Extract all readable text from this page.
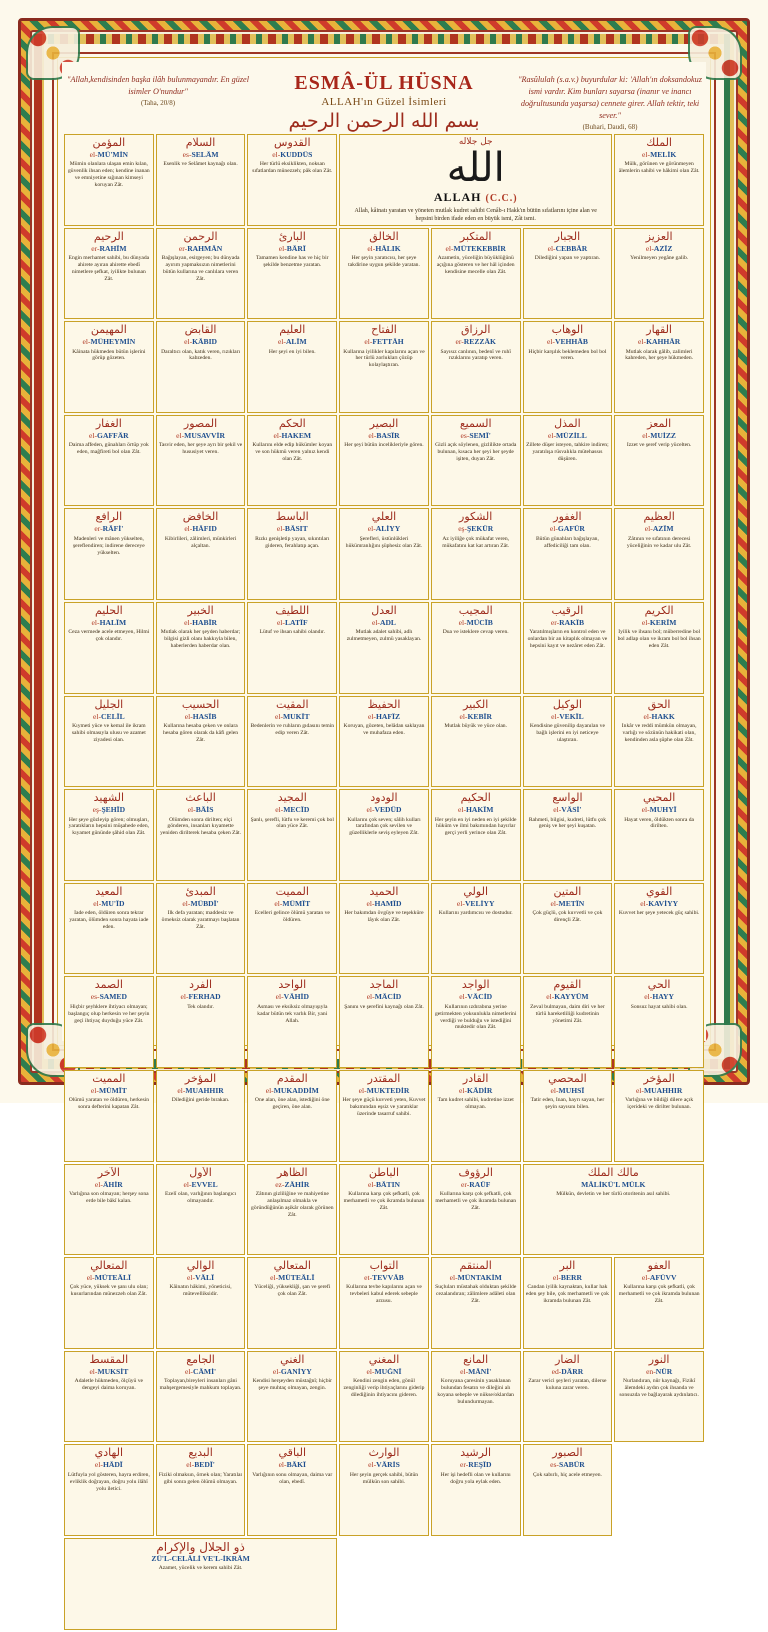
"Allah,kendisinden başka ilâh bulunmayandır. En güzel isimler O'nundur"
(Taha, 20/8)
ESMÂ-ÜL HÜSNA
ALLAH'ın Güzel İsimleri
بسم الله الرحمن الرحيم
"Rasûlulah (s.a.v.) buyurdular ki: 'Allah'ın doksandokuz ismi vardır. Kim bunları sayarsa (inanır ve inancı doğrultusunda yaşarsa) cennete girer. Allah tektir, teki sever."
(Buhari, Daudi, 68)
المؤمن
el-MÜ'MİN
Mümin olanlara ulaşan emin kılan, güvenlik ihsan eden; kendine inanan ve emniyetine sığınan kimseyi koruyan Zât.
السلام
es-SELÂM
Esenlik ve Selâmet kaynağı olan.
القدوس
el-KUDDÛS
Her türlü eksiklikten, noksan sıfatlardan münezzeh; pâk olan Zât.
جل جلاله
الله
ALLAH (C.C.)
Allah, kâinatı yaratan ve yöneten mutlak kudret sahibi Cenâb-ı Hakk'ın bütün sıfatlarını içine alan ve hepsini birden ifade eden en büyük ismi, Zât ismi.
الملك
el-MELİK
Mülk, görünen ve görünmeyen âlemlerin sahibi ve hâkimi olan Zât.
الرحيم
er-RAHÎM
Engin merhamet sahibi, bu dünyada ahirete ayıran ahirette ebedî nimetlere şefkat, iyilikte bulunan Zât.
الرحمن
er-RAHMÂN
Bağışlayan, esirgeyen; bu dünyada ayırım yapmaksızın nimetlerini bütün kullarına ve canlılara veren Zât.
البارئ
el-BÂRÎ
Tamamen kendine has ve hiç bir şekilde benzetme yaratan.
الخالق
el-HÂLIK
Her şeyin yaratıcısı, her şeye takdirine uygun şekilde yaratan.
المتكبر
el-MÜTEKEBBİR
Azametin, yüceliğin büyüklüğünü açığına gösteren ve her hâl içinden kendisine mecelle olan Zât.
الجبار
el-CEBBÂR
Dilediğini yapan ve yaptıran.
العزيز
el-AZÎZ
Yenilmeyen yegâne galib.
المهيمن
el-MÜHEYMİN
Kâinata hükmeden bütün işlerini görüp gözeten.
القابض
el-KÂBID
Daraltıcı olan, katık veren, rızıkları kabzeden.
العليم
el-ALÎM
Her şeyi en iyi bilen.
الفتاح
el-FETTÂH
Kullarına iyilikler kapılarını açan ve her türlü zorlukları çözüp kolaylaştıran.
الرزاق
er-REZZÂK
Sayısız canlının, bedenî ve ruhî rızıklarını yaratıp veren.
الوهاب
el-VEHHÂB
Hiçbir karşılık beklemeden bol bol veren.
القهار
el-KAHHÂR
Mutlak olarak gâlib, zalimleri kahreden, her şeye hükmeden.
الغفار
el-GAFFÂR
Daima affeden, günahları örtüp yok eden, mağfireti bol olan Zât.
المصور
el-MUSAVVİR
Tasvir eden, her şeye ayrı bir şekil ve hususiyet veren.
الحكم
el-HAKEM
Kullarını elde edip hükümler koyan ve son hükmü veren yalnız kendi olan Zât.
البصير
el-BASÎR
Her şeyi bütün incelikleriyle gören.
السميع
es-SEMÎ'
Gizli açık söylenen, gizlilikte ortada bulunan, kısaca her şeyi her şeyde işiten, duyan Zât.
المذل
el-MÜZİLL
Zillete düşer isteyen, tahkire indiren; yaratılışa rüsvalıkla mütehassıs düşüren.
المعز
el-MUİZZ
İzzet ve şeref verip yücelten.
الرافع
er-RÂFİ'
Madenleri ve mânen yükselten, şereflendiren; indirene dereceye yükselten.
الخافض
el-HÂFID
Kibirlileri, zâlimleri, münkirleri alçaltan.
الباسط
el-BÂSIT
Rızkı genişletip yayan, sıkıntıları gideren, ferahlatıp açan.
العلي
el-ALİYY
Şerefleri, üstünlükleri hükümranlığını şüphesiz olan Zât.
الشكور
eş-ŞEKÛR
Az iyiliğe çok mükafat veren, mükafatını kat kat artıran Zât.
الغفور
el-GAFÛR
Bütün günahları bağışlayan, affediciliği tam olan.
العظيم
el-AZÎM
Zâtının ve sıfatının derecesi yüceliğinin ve kadar ulu Zât.
الحليم
el-HALÎM
Ceza vermede acele etmeyen, Hilmi çok olandır.
الخبير
el-HABÎR
Mutlak olarak her şeyden haberdar; bilgisi gizli olanı hakkıyla bilen, haberlerden haberdar olan.
اللطيف
el-LATÎF
Lütuf ve ihsan sahibi olandır.
العدل
el-ADL
Mutlak adalet sahibi, adlı zulmetmeyen, zulmü yasaklayan.
المجيب
el-MÜCÎB
Dua ve isteklere cevap veren.
الرقيب
er-RAKÎB
Yaratılmışların en kontrol eden ve onlardan bir an kitaplık olmayan ve hepsini kayıt ve nezâret eden Zât.
الكريم
el-KERÎM
İyilik ve ihsanı bol; müberredine bol bol adlap olan ve ikram bol bol ihsan eden Zât.
الجليل
el-CELÎL
Kıymeti yüce ve kemal ile ikram sahibi olmasıyla ulusu ve azamet ziyadesi olan.
الحسيب
el-HASÎB
Kullarına hesaba çeken ve onlara hesaba gören olarak da kâfi gelen Zât.
المقيت
el-MUKÎT
Bedenlerin ve ruhların gıdasını temin edip veren Zât.
الحفيظ
el-HAFÎZ
Koruyan, gözeten, belâdan saklayan ve muhafaza eden.
الكبير
el-KEBÎR
Mutlak büyük ve yüce olan.
الوكيل
el-VEKÎL
Kendisine güvenilip dayanılan ve bağlı işlerini en iyi neticeye ulaştıran.
الحق
el-HAKK
İnkâr ve reddi mümkün olmayan, varlığı ve sözünün hakikati olan, kendinden asla şüphe olan Zât.
الشهيد
eş-ŞEHÎD
Her şeye gözleyip gören; olmuşları, yaratıkların hepsini müşahede eden, kıyamet gününde şâhid olan Zât.
الباعث
el-BÂİS
Ölümden sonra dirilten; elçi gönderen, insanları kıyamette yeniden dirilterek hesaba çeken Zât.
المجيد
el-MECÎD
Şanlı, şerefli, lütfu ve keremi çok bol olan yüce Zât.
الودود
el-VEDÛD
Kullarını çok seven; sâlih kulları tarafından çok sevilen ve güzelliklerle seviş eyleyen Zât.
الحكيم
el-HAKÎM
Her şeyin en iyi neden en iyi şekilde hüküm ve ilmi bakımından hayırlar gerçi yerli yerince olan Zât.
الواسع
el-VÂSİ'
Rahmeti, bilgisi, kudreti, lütfu çok geniş ve her şeyi kuşatan.
المحيي
el-MUHYÎ
Hayat veren, öldükten sonra da dirilten.
المعيد
el-MU'ÎD
İade eden, öldüren sonra tekrar yaratan, ölümden sonra hayata iade eden.
المبدئ
el-MÜBDÎ'
İlk defa yaratan; maddesiz ve örneksiz olarak yaratmayı başlatan Zât.
المميت
el-MÜMÎT
Ecelleri gelince ölümü yaratan ve öldüren.
الحميد
el-HAMÎD
Her bakımdan övgüye ve teşekküre lâyık olan Zât.
الولي
el-VELİYY
Kullarını yardımcısı ve dostudur.
المتين
el-METÎN
Çok güçlü, çok kuvvetli ve çok dirençli Zât.
القوي
el-KAVİYY
Kuvvet her şeye yetecek güç sahibi.
الصمد
es-SAMED
Hiçbir şeyhklere ihtiyacı olmayan; başlangıç olup herkesin ve her şeyin geçi ihtiyaç duyduğu yüce Zât.
الفرد
el-FERHAD
Tek olandır.
الواحد
el-VÂHİD
Asması ve eksiksiz olmayışıyla kadar bütün tek varlık Bir, yani Allah.
الماجد
el-MÂCİD
Şanını ve şerefini kaynağı olan Zât.
الواجد
el-VÂCİD
Kullarının ızdırabına yerine getirmekten yoksunlukla nimetlerini verdiği ve bulduğu ve istediğini muktedir olan Zât.
القيوم
el-KAYYÛM
Zeval bulmayan, daim diri ve her türlü hareketliliği kudretinin yönetimi Zât.
الحي
el-HAYY
Sonsuz hayat sahibi olan.
المميت
el-MÜMÎT
Ölümü yaratan ve öldüren, herkesin sonra defterini kapatan Zât.
المؤخر
el-MUAHHIR
Dilediğini geride bırakan.
المقدم
el-MUKADDİM
Öne alan, öne alan, istediğini öne geçiren, öne alan.
المقتدر
el-MUKTEDİR
Her şeye güçü kuvveti yeten, Kuvvet bakımından eşsiz ve yaratıklar üzerinde tasarruf sahibi.
القادر
el-KÂDİR
Tam kudret sahibi, kudretine izzet olmayan.
المحصي
el-MUHSÎ
Tatir eden, İnan, hayrı sayan, her şeyin sayısını bilen.
المؤخر
el-MUAHHIR
Varlığına ve bildiği dilere açık içerideki ve dirilter bulunan.
الآخر
el-ÂHİR
Varlığına son olmayan; herşey sona erde bile bâkî kalan.
الأول
el-EVVEL
Ezelî olan, varlığının başlangıcı olmayandır.
الظاهر
ez-ZÂHİR
Zâtının gizliliğine ve mahiyetine anlaşılmaz olmakla ve göründüğünün aşikâr olarak görünen Zât.
الباطن
el-BÂTIN
Kullarına karşı çok şefkatli, çok merhametli ve çok ikramda bulunan Zât.
الرؤوف
er-RAÛF
Kullarına karşı çok şefkatli, çok merhametli ve çok ikramda bulunan Zât.
مالك الملك
MÂLİKÜ'L MÜLK
Mülkün, devletin ve her türlü otoritenin asıl sahibi.
المتعالي
el-MÜTEÂLÎ
Çok yüce, yüksek ve şanı ulu olan; kusurlarından münezzeh olan Zât.
الوالي
el-VÂLÎ
Kâinatın hâkimi, yöneticisi, mütevelliksidir.
المتعالي
el-MÜTEÂLÎ
Yüceliği, yüksekliği, şan ve şerefi çok olan Zât.
التواب
et-TEVVÂB
Kullarına tevbe kapılarını açan ve tevbeleri kabul ederek sebeple arzusu.
المنتقم
el-MÜNTAKİM
Suçluları müstahak olduktan şekilde cezalandıran; zâlimlere adâleti olan Zât.
البر
el-BERR
Candan iyilik kaynaktan, kullar hak eden şey bile, çok merhametli ve çok ikramda bulunan Zât.
العفو
el-AFÜVV
Kullarına karşı çok şefkatli, çok merhametli ve çok ikramda bulunan Zât.
المقسط
el-MUKSİT
Adaletle hükmeden, ölçüyü ve dengeyi daima koruyan.
الجامع
el-CÂMİ'
Toplayan,bireyleri insanları gâni mahşergemesiyle mahkum toplayan.
الغني
el-GANİYY
Kendisi herşeyden müstağnî; hiçbir şeye muhtaç olmayan, zengin.
المغني
el-MUĞNÎ
Kendini zengin eden, gönül zenginliği verip ihtiyaçlarını giderip dilediğinin ihtiyacını gideren.
المانع
el-MÂNİ'
Koruyana çaresinin yasaklanan bulundan fesatın ve dileğini alı koyana sebeple ve nükse/oklardan bulundurmayan.
الضار
ed-DÂRR
Zarar verici şeyleri yaratan, dilerse kuluna zarar veren.
النور
en-NÛR
Nurlandıran, nûr kaynağı, Fizikî âlemdeki aydın çok ihsanda ve sonsuzda ve bağlayarak aydınlatıcı.
الهادي
el-HÂDÎ
Lütfuyla yol gösteren, hayra erdiren, evliklik doğrayan, doğru yolu ilâhî yolu iletici.
البديع
el-BEDÎ'
Fiziki olmaksın, örnek olan; Yaratılar gibi sonra gelen ölümü olmayan.
الباقي
el-BÂKÎ
Varlığının sonu olmayan, daima var olan, ebedî.
الوارث
el-VÂRİS
Her şeyin gerçek sahibi, bütün mülkün son sahibi.
الرشيد
er-REŞÎD
Her işi hedefli olan ve kullarını doğru yola eylak eden.
الصبور
es-SABÛR
Çok sabırlı, hiç acele etmeyen.
ذو الجلال والإكرام
ZÜ'L-CELÂLİ VE'L-İKRÂM
Azamet, yücelik ve kerem sahibi Zât.
